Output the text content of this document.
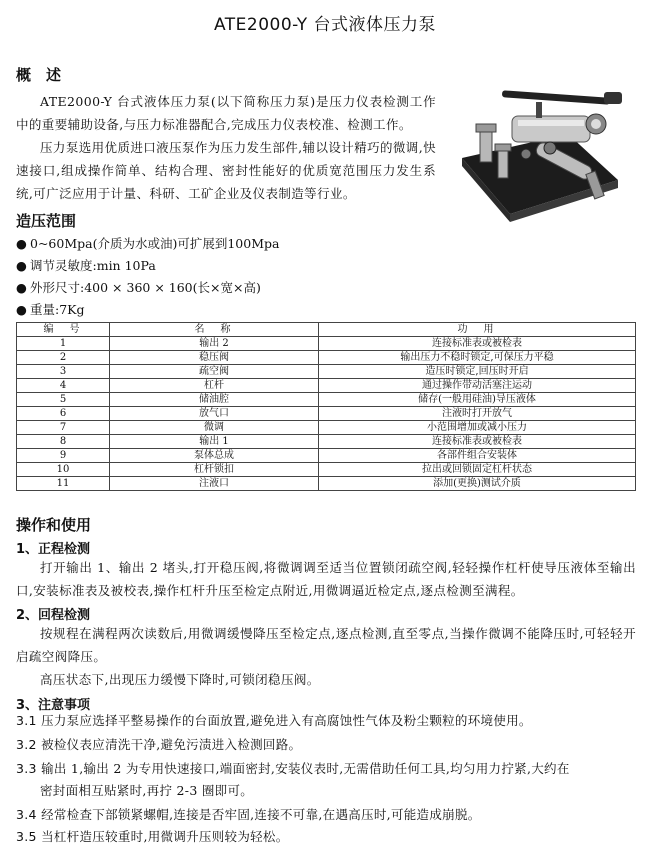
ATE2000-Y 台式液体压力泵
概　述

ATE2000-Y 台式液体压力泵(以下简称压力泵)是压力仪表检测工作中的重要辅助设备,与压力标准器配合,完成压力仪表校准、检测工作。

压力泵选用优质进口液压泵作为压力发生部件,辅以设计精巧的微调,快速接口,组成操作简单、结构合理、密封性能好的优质宽范围压力发生系统,可广泛应用于计量、科研、工矿企业及仪表制造等行业。

造压范围
● 0~60Mpa(介质为水或油)可扩展到100Mpa
● 调节灵敏度:min 10Pa
● 外形尺寸:400 × 360 × 160(长×宽×高)
● 重量:7Kg
编　号	名　称	功　用
1	输出 2	连接标准表或被检表
2	稳压阀	输出压力不稳时锁定,可保压力平稳
3	疏空阀	造压时锁定,回压时开启
4	杠杆	通过操作带动活塞注运动
5	储油腔	储存(一般用硅油)导压液体
6	放气口	注液时打开放气
7	微调	小范围增加或减小压力
8	输出 1	连接标准表或被检表
9	泵体总成	各部件组合安装体
10	杠杆锁扣	拉出或回锁固定杠杆状态
11	注液口	添加(更换)测试介质
操作和使用
1、正程检测

打开输出 1、输出 2 堵头,打开稳压阀,将微调调至适当位置锁闭疏空阀,轻轻操作杠杆使导压液体至输出口,安装标准表及被校表,操作杠杆升压至检定点附近,用微调逼近检定点,逐点检测至满程。

2、回程检测

按规程在满程两次读数后,用微调缓慢降压至检定点,逐点检测,直至零点,当操作微调不能降压时,可轻轻开启疏空阀降压。

高压状态下,出现压力缓慢下降时,可锁闭稳压阀。

3、注意事项
3.1 压力泵应选择平整易操作的台面放置,避免进入有高腐蚀性气体及粉尘颗粒的环境使用。
3.2 被检仪表应清洗干净,避免污渍进入检测回路。
3.3 输出 1,输出 2 为专用快速接口,端面密封,安装仪表时,无需借助任何工具,均匀用力拧紧,大约在
密封面相互贴紧时,再拧 2-3 圈即可。
3.4 经常检查下部锁紧螺帽,连接是否牢固,连接不可靠,在遇高压时,可能造成崩脱。
3.5 当杠杆造压较重时,用微调升压则较为轻松。
